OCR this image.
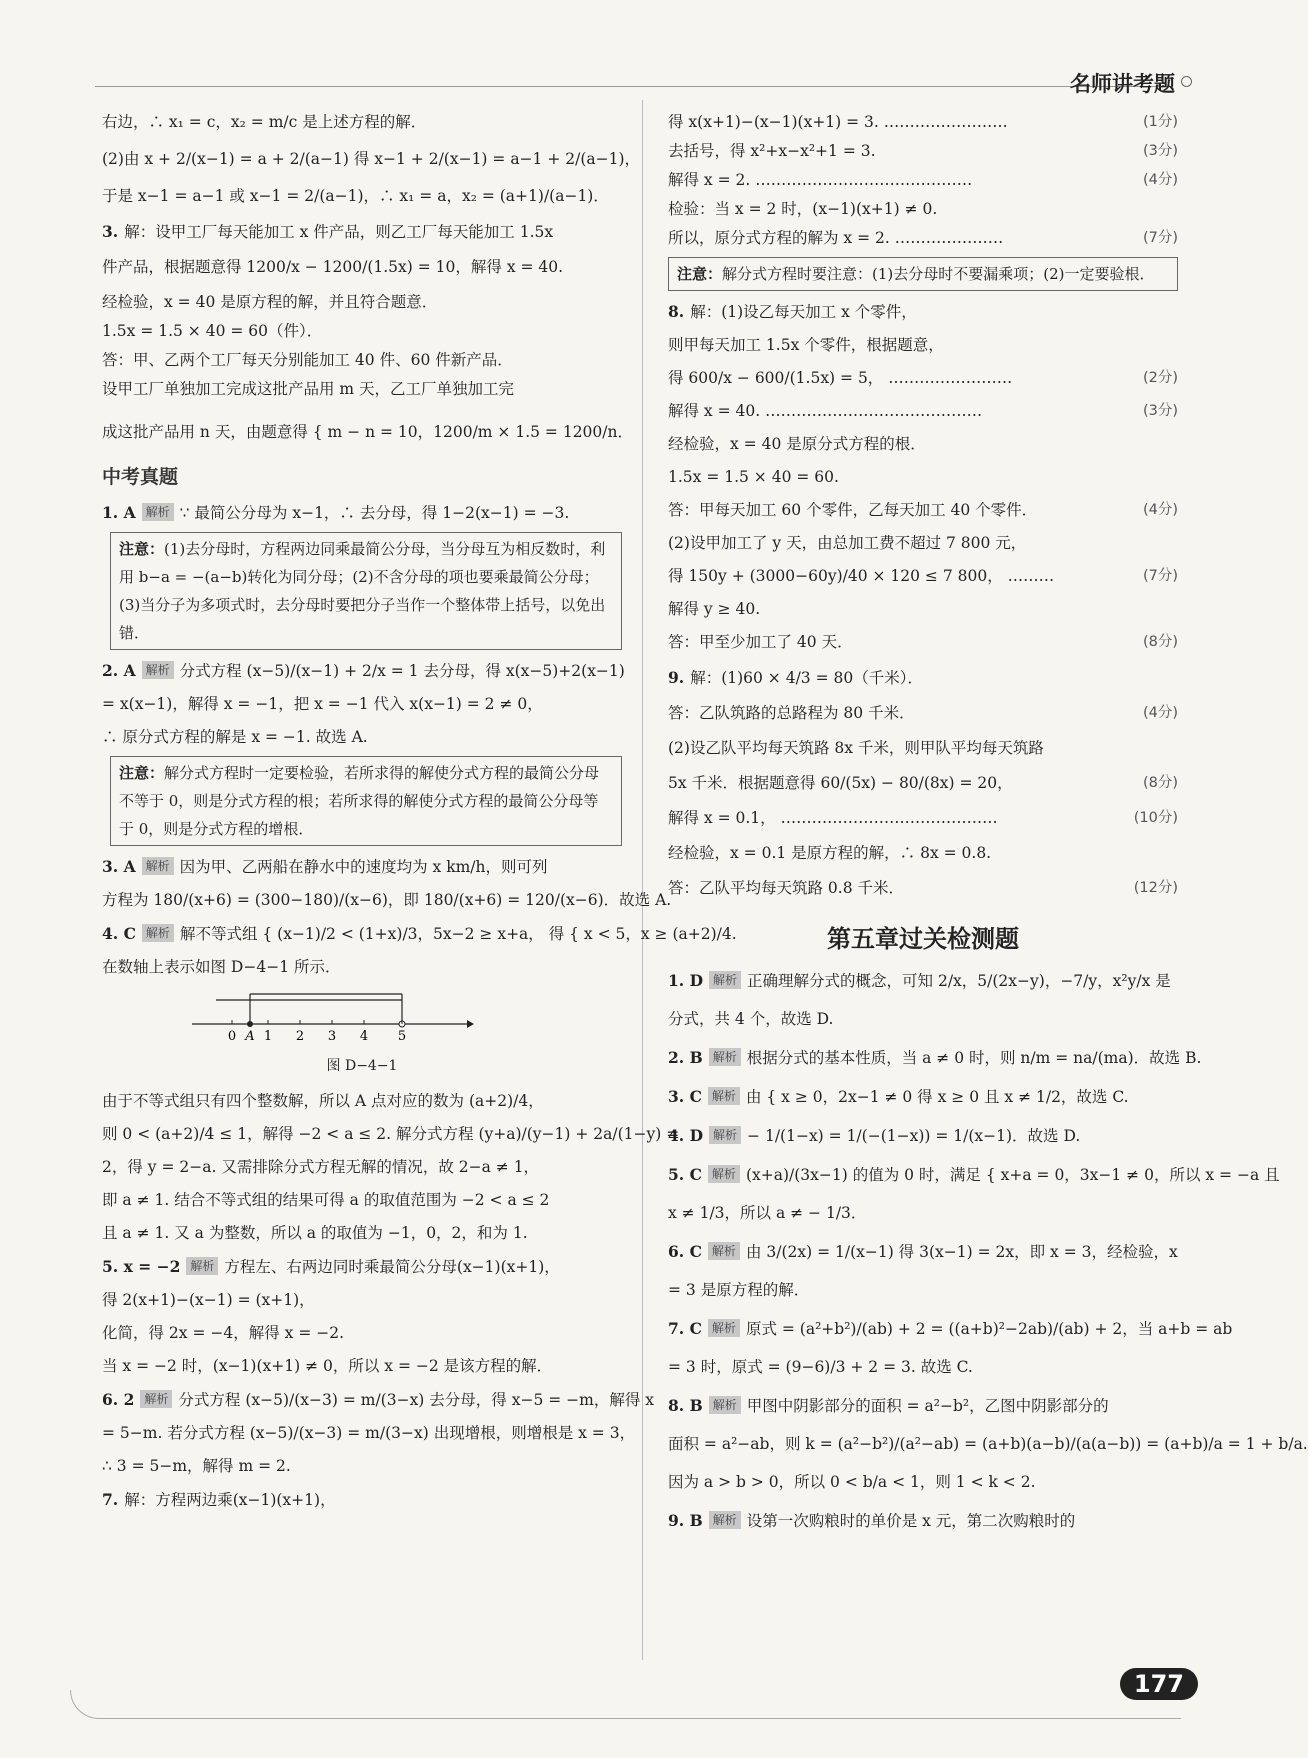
名师讲考题

右边，∴ x₁ = c，x₂ = m/c 是上述方程的解．

(2)由 x + 2/(x−1) = a + 2/(a−1) 得 x−1 + 2/(x−1) = a−1 + 2/(a−1)，

于是 x−1 = a−1 或 x−1 = 2/(a−1)，∴ x₁ = a，x₂ = (a+1)/(a−1)．

3. 解：设甲工厂每天能加工 x 件产品，则乙工厂每天能加工 1.5x

件产品，根据题意得 1200/x − 1200/(1.5x) = 10，解得 x = 40.

经检验，x = 40 是原方程的解，并且符合题意．

1.5x = 1.5 × 40 = 60（件）．

答：甲、乙两个工厂每天分别能加工 40 件、60 件新产品．

设甲工厂单独加工完成这批产品用 m 天，乙工厂单独加工完

成这批产品用 n 天，由题意得 { m − n = 10，1200/m × 1.5 = 1200/n．

中考真题

1. A 解析 ∵ 最简公分母为 x−1，∴ 去分母，得 1−2(x−1) = −3.

注意：(1)去分母时，方程两边同乘最简公分母，当分母互为相反数时，利用 b−a = −(a−b)转化为同分母；(2)不含分母的项也要乘最简公分母；(3)当分子为多项式时，去分母时要把分子当作一个整体带上括号，以免出错．

2. A 解析 分式方程 (x−5)/(x−1) + 2/x = 1 去分母，得 x(x−5)+2(x−1)

= x(x−1)，解得 x = −1，把 x = −1 代入 x(x−1) = 2 ≠ 0，

∴ 原分式方程的解是 x = −1. 故选 A.

注意：解分式方程时一定要检验，若所求得的解使分式方程的最简公分母不等于 0，则是分式方程的根；若所求得的解使分式方程的最简公分母等于 0，则是分式方程的增根．

3. A 解析 因为甲、乙两船在静水中的速度均为 x km/h，则可列

方程为 180/(x+6) = (300−180)/(x−6)，即 180/(x+6) = 120/(x−6)．故选 A.

4. C 解析 解不等式组 { (x−1)/2 < (1+x)/3，5x−2 ≥ x+a， 得 { x < 5，x ≥ (a+2)/4.

在数轴上表示如图 D−4−1 所示．

0 A 1 2 3 4 5
图 D−4−1

由于不等式组只有四个整数解，所以 A 点对应的数为 (a+2)/4，

则 0 < (a+2)/4 ≤ 1，解得 −2 < a ≤ 2. 解分式方程 (y+a)/(y−1) + 2a/(1−y) =

2，得 y = 2−a. 又需排除分式方程无解的情况，故 2−a ≠ 1，

即 a ≠ 1. 结合不等式组的结果可得 a 的取值范围为 −2 < a ≤ 2

且 a ≠ 1. 又 a 为整数，所以 a 的取值为 −1，0，2，和为 1.

5. x = −2 解析 方程左、右两边同时乘最简公分母(x−1)(x+1)，

得 2(x+1)−(x−1) = (x+1)，

化简，得 2x = −4，解得 x = −2.

当 x = −2 时，(x−1)(x+1) ≠ 0，所以 x = −2 是该方程的解．

6. 2 解析 分式方程 (x−5)/(x−3) = m/(3−x) 去分母，得 x−5 = −m，解得 x

= 5−m. 若分式方程 (x−5)/(x−3) = m/(3−x) 出现增根，则增根是 x = 3，

∴ 3 = 5−m，解得 m = 2.

7. 解：方程两边乘(x−1)(x+1)，

(1分)
得 x(x+1)−(x−1)(x+1) = 3. ……………………

(3分)
去括号，得 x²+x−x²+1 = 3.

(4分)
解得 x = 2. ……………………………………

检验：当 x = 2 时，(x−1)(x+1) ≠ 0.

(7分)
所以，原分式方程的解为 x = 2. …………………

注意：解分式方程时要注意：(1)去分母时不要漏乘项；(2)一定要验根．

8. 解：(1)设乙每天加工 x 个零件，

则甲每天加工 1.5x 个零件，根据题意，

(2分)
得 600/x − 600/(1.5x) = 5， ……………………

(3分)
解得 x = 40. ……………………………………

经检验，x = 40 是原分式方程的根．

1.5x = 1.5 × 40 = 60.

(4分)
答：甲每天加工 60 个零件，乙每天加工 40 个零件．

(2)设甲加工了 y 天，由总加工费不超过 7 800 元，

(7分)
得 150y + (3000−60y)/40 × 120 ≤ 7 800， ………

解得 y ≥ 40.

(8分)
答：甲至少加工了 40 天．

9. 解：(1)60 × 4/3 = 80（千米）．

(4分)
答：乙队筑路的总路程为 80 千米．

(2)设乙队平均每天筑路 8x 千米，则甲队平均每天筑路

(8分)
5x 千米．根据题意得 60/(5x) − 80/(8x) = 20，

(10分)
解得 x = 0.1， ……………………………………

经检验，x = 0.1 是原方程的解，∴ 8x = 0.8.

(12分)
答：乙队平均每天筑路 0.8 千米．

第五章过关检测题

1. D 解析 正确理解分式的概念，可知 2/x，5/(2x−y)，−7/y，x²y/x 是

分式，共 4 个，故选 D.

2. B 解析 根据分式的基本性质，当 a ≠ 0 时，则 n/m = na/(ma)．故选 B.

3. C 解析 由 { x ≥ 0，2x−1 ≠ 0 得 x ≥ 0 且 x ≠ 1/2，故选 C.

4. D 解析 − 1/(1−x) = 1/(−(1−x)) = 1/(x−1)．故选 D.

5. C 解析 (x+a)/(3x−1) 的值为 0 时，满足 { x+a = 0，3x−1 ≠ 0，所以 x = −a 且

x ≠ 1/3，所以 a ≠ − 1/3．

6. C 解析 由 3/(2x) = 1/(x−1) 得 3(x−1) = 2x，即 x = 3，经检验，x

= 3 是原方程的解．

7. C 解析 原式 = (a²+b²)/(ab) + 2 = ((a+b)²−2ab)/(ab) + 2，当 a+b = ab

= 3 时，原式 = (9−6)/3 + 2 = 3. 故选 C.

8. B 解析 甲图中阴影部分的面积 = a²−b²，乙图中阴影部分的

面积 = a²−ab，则 k = (a²−b²)/(a²−ab) = (a+b)(a−b)/(a(a−b)) = (a+b)/a = 1 + b/a.

因为 a > b > 0，所以 0 < b/a < 1，则 1 < k < 2.

9. B 解析 设第一次购粮时的单价是 x 元，第二次购粮时的

177
